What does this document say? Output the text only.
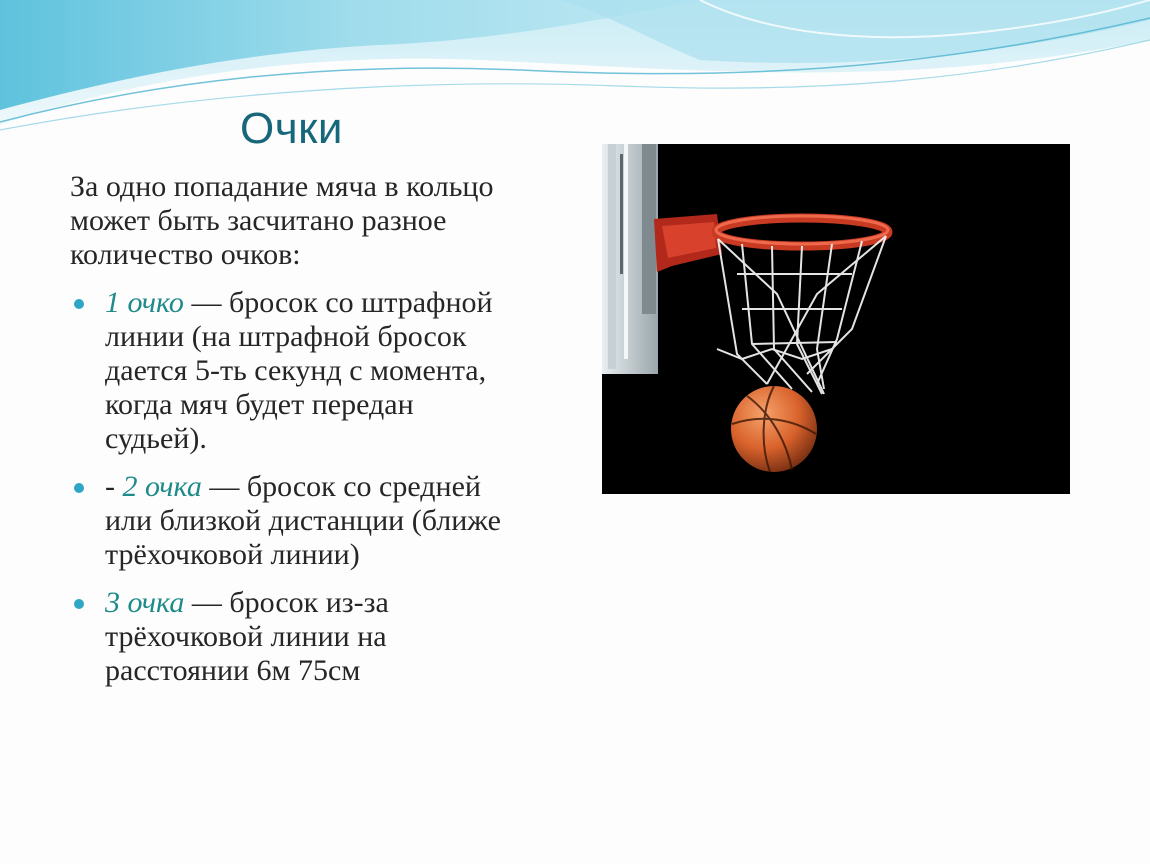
Очки

За одно попадание мяча в кольцо может быть засчитано разное количество очков:

1 очко — бросок со штрафной линии (на штрафной бросок дается 5-ть секунд с момента, когда мяч будет передан судьей).
- 2 очка — бросок со средней или близкой дистанции (ближе трёхочковой линии)
3 очка — бросок из-за трёхочковой линии на расстоянии 6м 75см
